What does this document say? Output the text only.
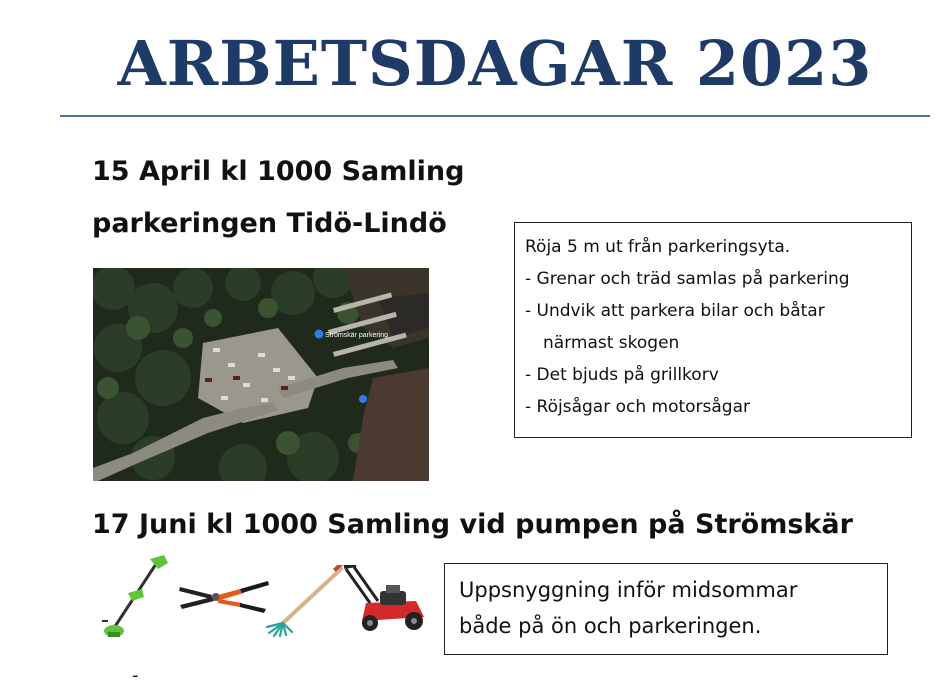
ARBETSDAGAR 2023
15 April kl 1000 Samling
parkeringen Tidö-Lindö
Strömskär parkering
Röja 5 m ut från parkeringsyta.
- Grenar och träd samlas på parkering
- Undvik att parkera bilar och båtar
närmast skogen
- Det bjuds på grillkorv
- Röjsågar och motorsågar
17 Juni kl 1000 Samling vid pumpen på Strömskär
-
Uppsnyggning inför midsommar
både på ön och parkeringen.
